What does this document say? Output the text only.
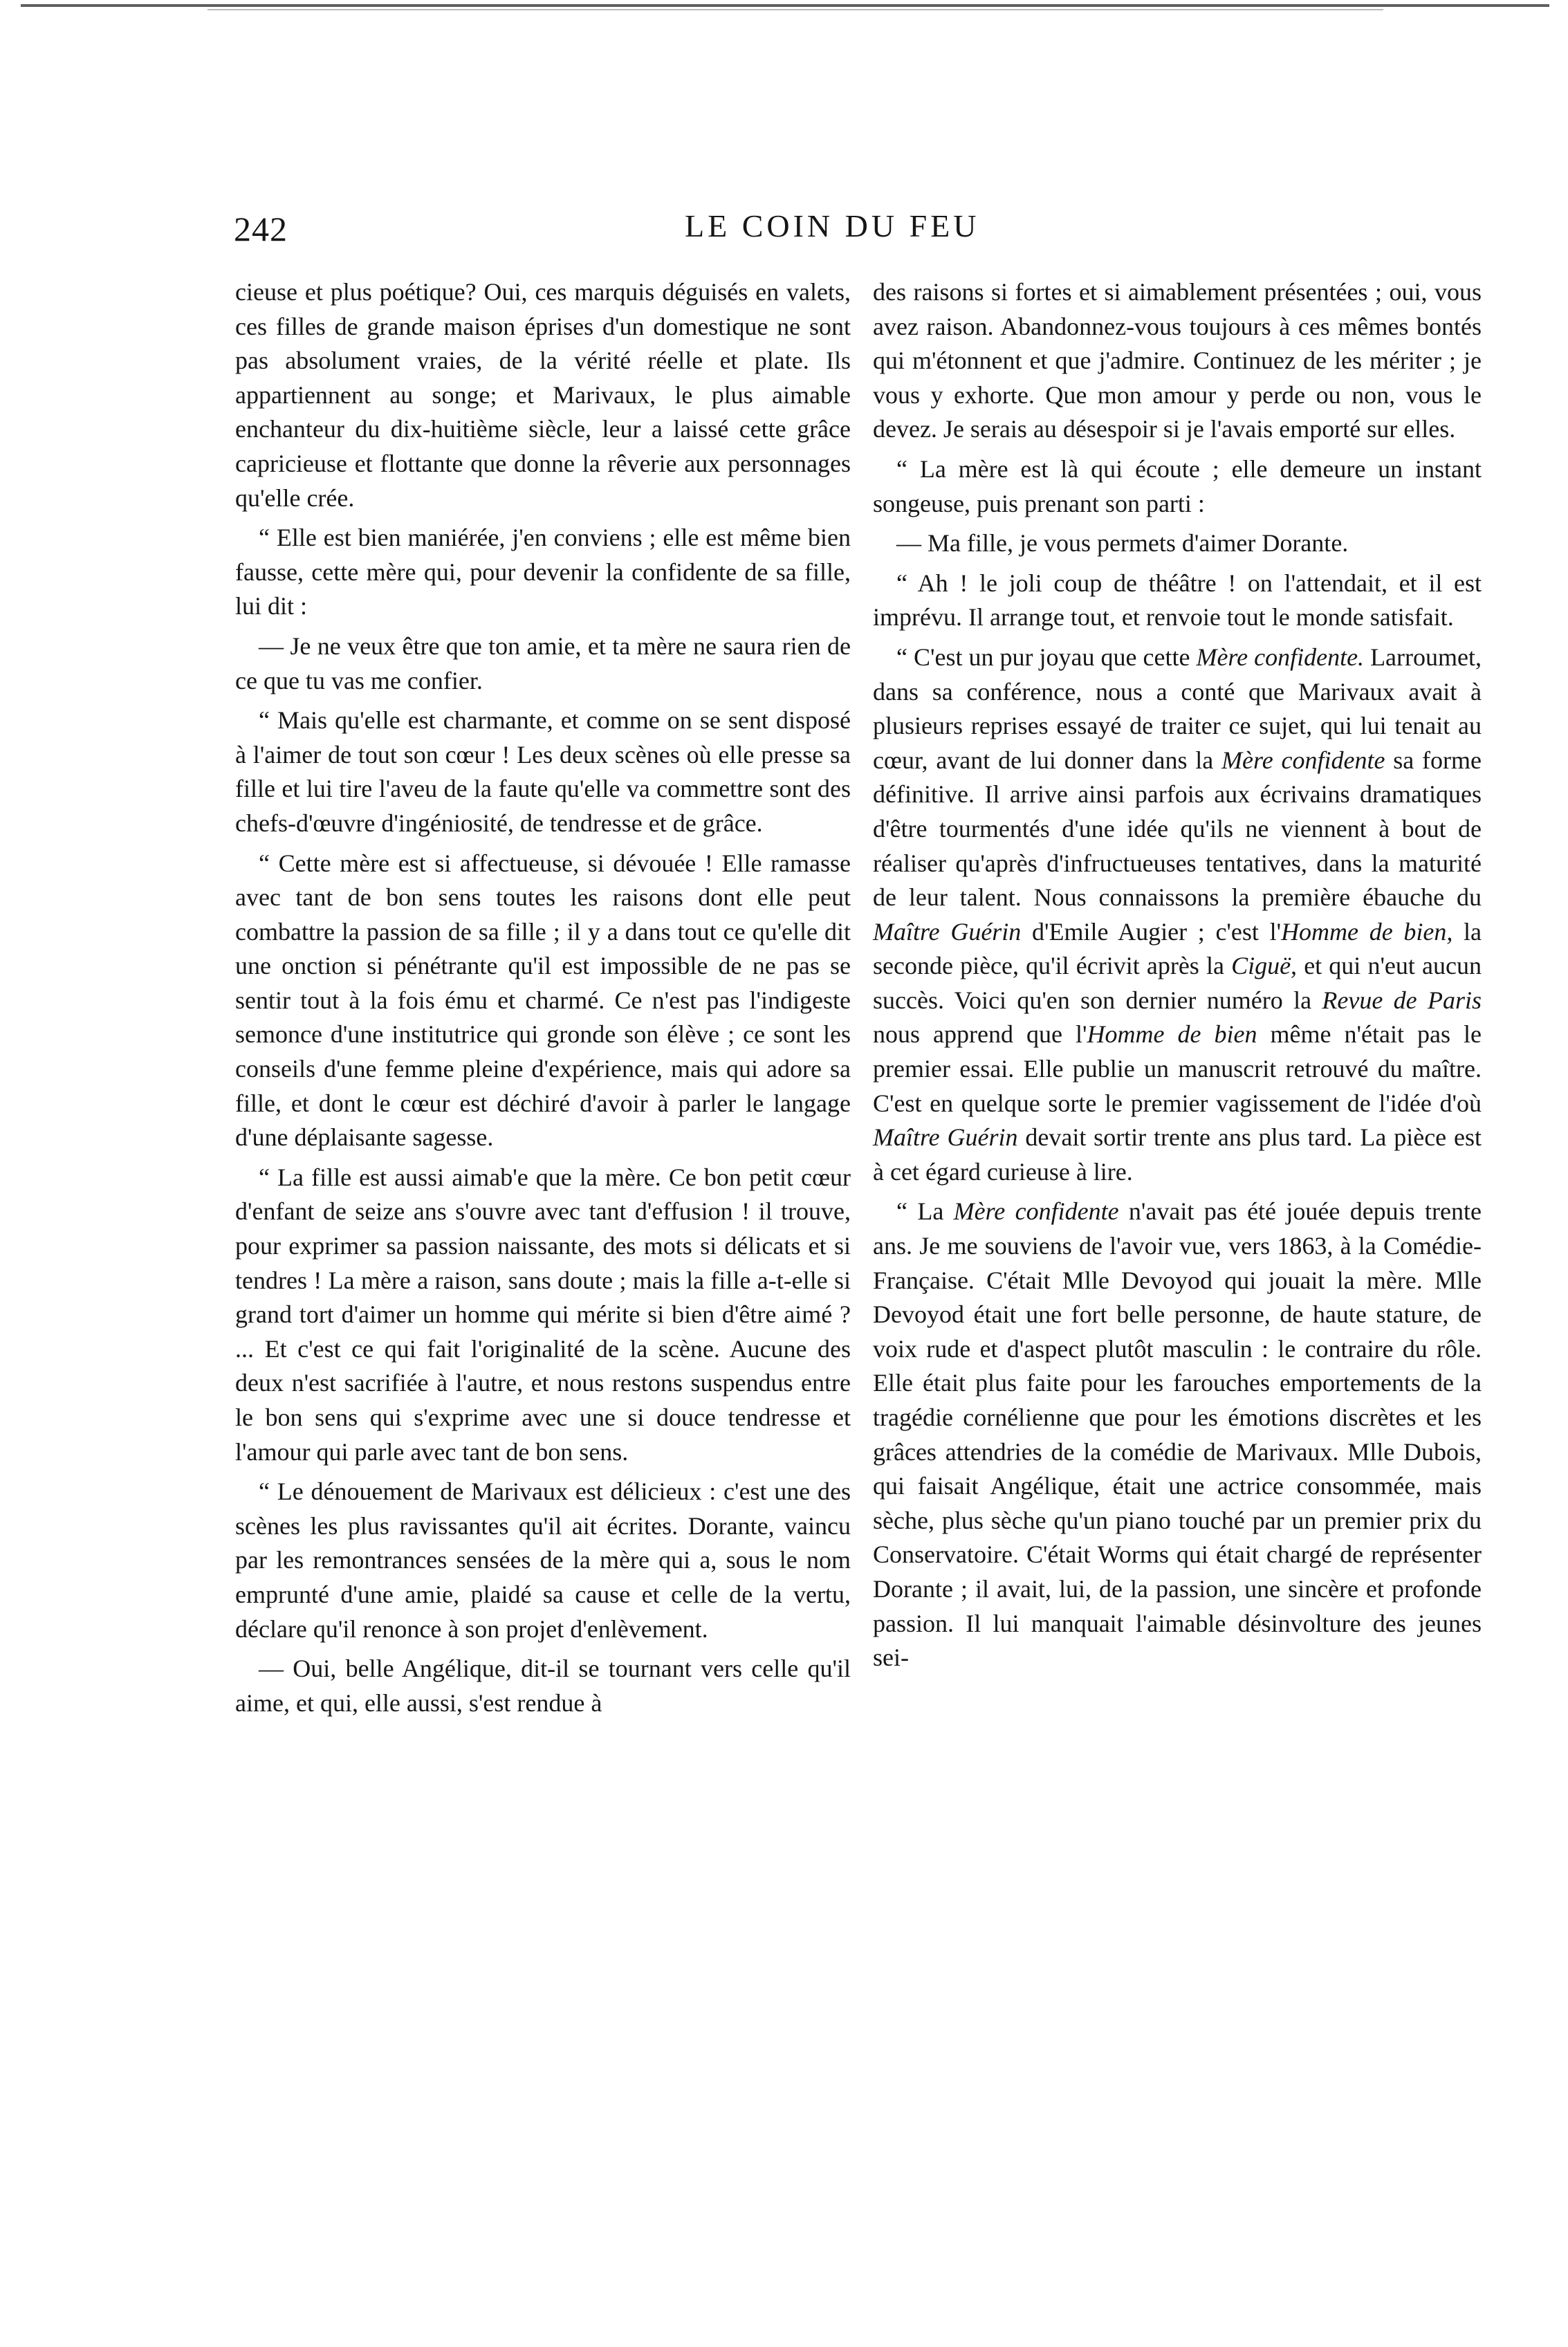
242	LE COIN DU FEU

cieuse et plus poétique? Oui, ces marquis déguisés en valets, ces filles de grande maison éprises d'un domestique ne sont pas absolument vraies, de la vérité réelle et plate. Ils appartiennent au songe; et Marivaux, le plus aimable enchanteur du dix-huitième siècle, leur a laissé cette grâce capricieuse et flottante que donne la rêverie aux personnages qu'elle crée.

“ Elle est bien maniérée, j'en conviens ; elle est même bien fausse, cette mère qui, pour devenir la confidente de sa fille, lui dit :

— Je ne veux être que ton amie, et ta mère ne saura rien de ce que tu vas me confier.

“ Mais qu'elle est charmante, et comme on se sent disposé à l'aimer de tout son cœur ! Les deux scènes où elle presse sa fille et lui tire l'aveu de la faute qu'elle va commettre sont des chefs-d'œuvre d'ingéniosité, de tendresse et de grâce.

“ Cette mère est si affectueuse, si dévouée ! Elle ramasse avec tant de bon sens toutes les raisons dont elle peut combattre la passion de sa fille ; il y a dans tout ce qu'elle dit une onction si pénétrante qu'il est impossible de ne pas se sentir tout à la fois ému et charmé. Ce n'est pas l'indigeste semonce d'une institutrice qui gronde son élève ; ce sont les conseils d'une femme pleine d'expérience, mais qui adore sa fille, et dont le cœur est déchiré d'avoir à parler le langage d'une déplaisante sagesse.

“ La fille est aussi aimab'e que la mère. Ce bon petit cœur d'enfant de seize ans s'ouvre avec tant d'effusion ! il trouve, pour exprimer sa passion naissante, des mots si délicats et si tendres ! La mère a raison, sans doute ; mais la fille a-t-elle si grand tort d'aimer un homme qui mérite si bien d'être aimé ? ... Et c'est ce qui fait l'originalité de la scène. Aucune des deux n'est sacrifiée à l'autre, et nous restons suspendus entre le bon sens qui s'exprime avec une si douce tendresse et l'amour qui parle avec tant de bon sens.

“ Le dénouement de Marivaux est délicieux : c'est une des scènes les plus ravissantes qu'il ait écrites. Dorante, vaincu par les remontrances sensées de la mère qui a, sous le nom emprunté d'une amie, plaidé sa cause et celle de la vertu, déclare qu'il renonce à son projet d'enlèvement.

— Oui, belle Angélique, dit-il se tournant vers celle qu'il aime, et qui, elle aussi, s'est rendue à

des raisons si fortes et si aimablement présentées ; oui, vous avez raison. Abandonnez-vous toujours à ces mêmes bontés qui m'étonnent et que j'admire. Continuez de les mériter ; je vous y exhorte. Que mon amour y perde ou non, vous le devez. Je serais au désespoir si je l'avais emporté sur elles.

“ La mère est là qui écoute ; elle demeure un instant songeuse, puis prenant son parti :

— Ma fille, je vous permets d'aimer Dorante.

“ Ah ! le joli coup de théâtre ! on l'attendait, et il est imprévu. Il arrange tout, et renvoie tout le monde satisfait.

“ C'est un pur joyau que cette Mère confidente. Larroumet, dans sa conférence, nous a conté que Marivaux avait à plusieurs reprises essayé de traiter ce sujet, qui lui tenait au cœur, avant de lui donner dans la Mère confidente sa forme définitive. Il arrive ainsi parfois aux écrivains dramatiques d'être tourmentés d'une idée qu'ils ne viennent à bout de réaliser qu'après d'infructueuses tentatives, dans la maturité de leur talent. Nous connaissons la première ébauche du Maître Guérin d'Emile Augier ; c'est l'Homme de bien, la seconde pièce, qu'il écrivit après la Ciguë, et qui n'eut aucun succès. Voici qu'en son dernier numéro la Revue de Paris nous apprend que l'Homme de bien même n'était pas le premier essai. Elle publie un manuscrit retrouvé du maître. C'est en quelque sorte le premier vagissement de l'idée d'où Maître Guérin devait sortir trente ans plus tard. La pièce est à cet égard curieuse à lire.

“ La Mère confidente n'avait pas été jouée depuis trente ans. Je me souviens de l'avoir vue, vers 1863, à la Comédie-Française. C'était Mlle Devoyod qui jouait la mère. Mlle Devoyod était une fort belle personne, de haute stature, de voix rude et d'aspect plutôt masculin : le contraire du rôle. Elle était plus faite pour les farouches emportements de la tragédie cornélienne que pour les émotions discrètes et les grâces attendries de la comédie de Marivaux. Mlle Dubois, qui faisait Angélique, était une actrice consommée, mais sèche, plus sèche qu'un piano touché par un premier prix du Conservatoire. C'était Worms qui était chargé de représenter Dorante ; il avait, lui, de la passion, une sincère et profonde passion. Il lui manquait l'aimable désinvolture des jeunes sei-
